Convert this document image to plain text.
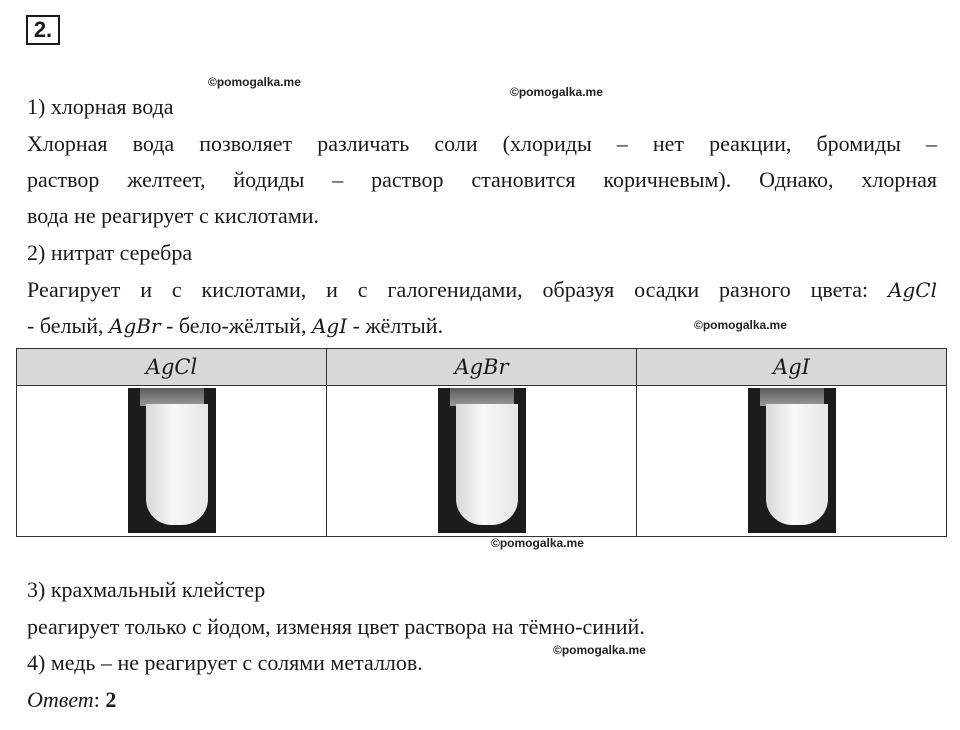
2.
©pomogalka.me
©pomogalka.me
©pomogalka.me
©pomogalka.me
©pomogalka.me
1) хлорная вода
Хлорная вода позволяет различать соли (хлориды – нет реакции, бромиды –
раствор желтеет, йодиды – раствор становится коричневым). Однако, хлорная
вода не реагирует с кислотами.
2) нитрат серебра
Реагирует и с кислотами, и с галогенидами, образуя осадки разного цвета: AgCl
- белый, AgBr - бело-жёлтый, AgI - жёлтый.
AgCl	AgBr	AgI

3) крахмальный клейстер
реагирует только с йодом, изменяя цвет раствора на тёмно-синий.
4) медь – не реагирует с солями металлов.
Ответ: 2
